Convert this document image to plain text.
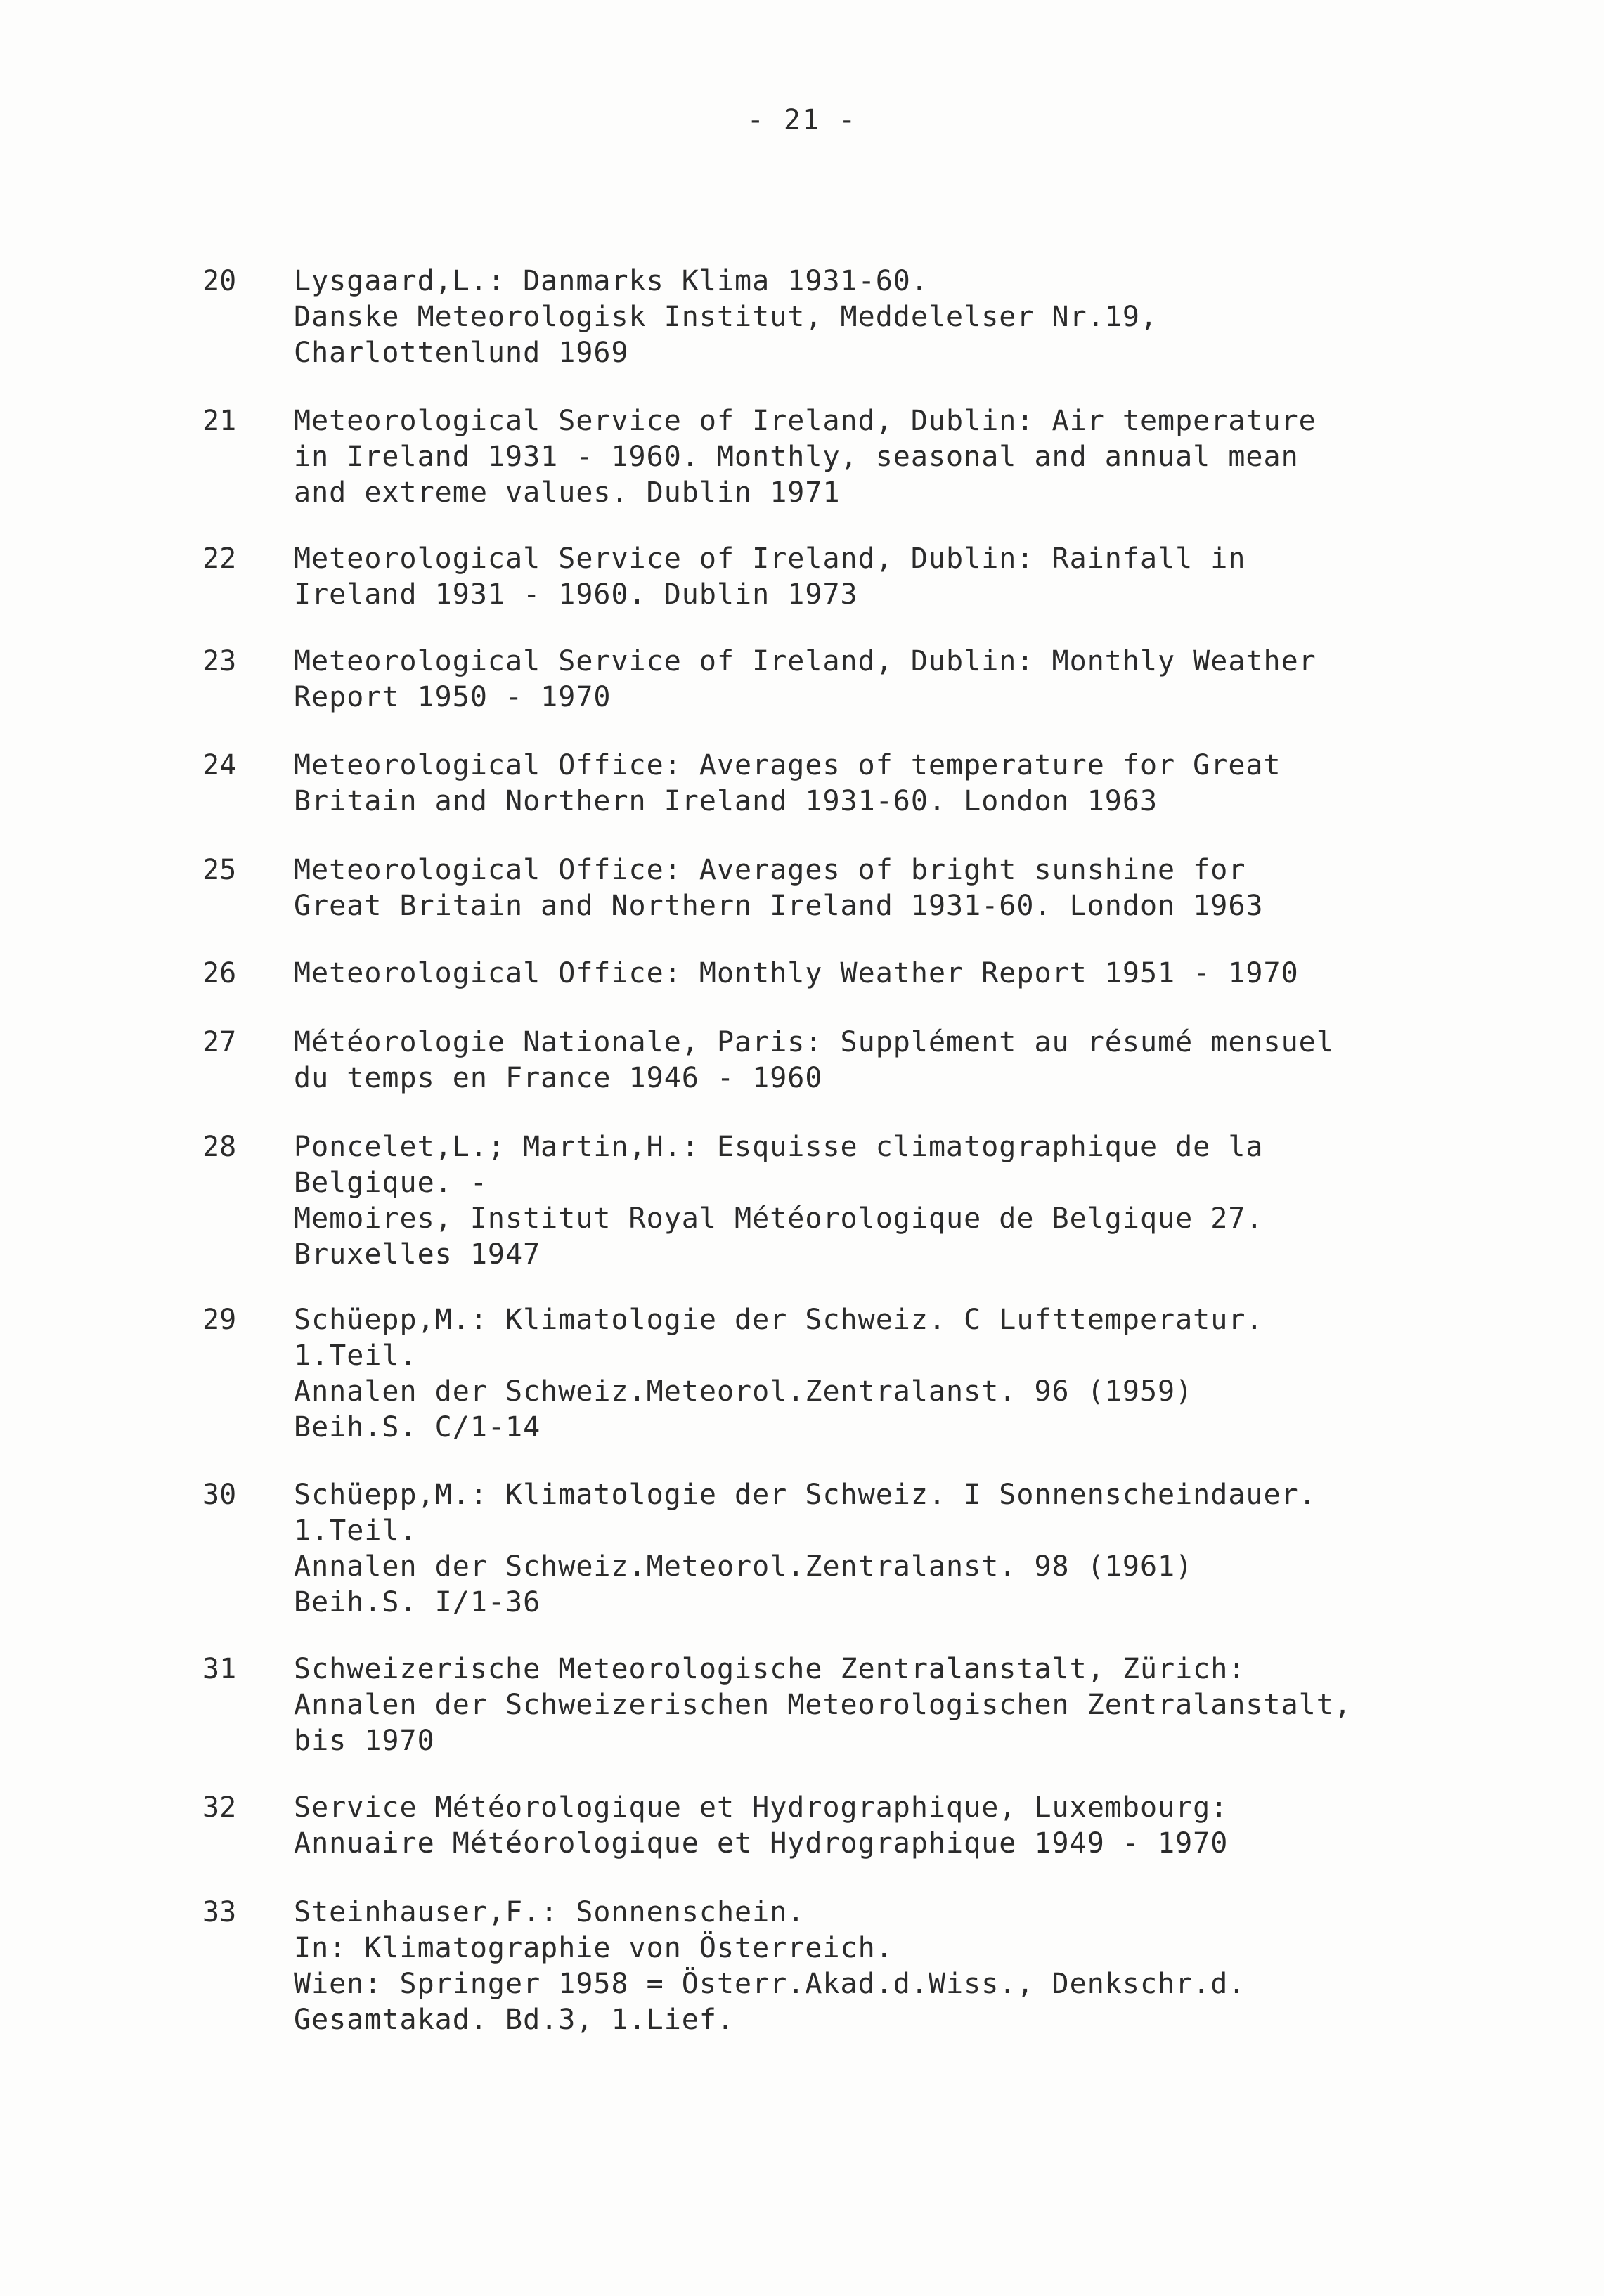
- 21 -
20 Lysgaard,L.: Danmarks Klima 1931-60.
Danske Meteorologisk Institut, Meddelelser Nr.19,
Charlottenlund 1969
21 Meteorological Service of Ireland, Dublin: Air temperature
in Ireland 1931 - 1960. Monthly, seasonal and annual mean
and extreme values. Dublin 1971
22 Meteorological Service of Ireland, Dublin: Rainfall in
Ireland 1931 - 1960. Dublin 1973
23 Meteorological Service of Ireland, Dublin: Monthly Weather
Report 1950 - 1970
24 Meteorological Office: Averages of temperature for Great
Britain and Northern Ireland 1931-60. London 1963
25 Meteorological Office: Averages of bright sunshine for
Great Britain and Northern Ireland 1931-60. London 1963
26 Meteorological Office: Monthly Weather Report 1951 - 1970
27 Météorologie Nationale, Paris: Supplément au résumé mensuel
du temps en France 1946 - 1960
28 Poncelet,L.; Martin,H.: Esquisse climatographique de la
Belgique. -
Memoires, Institut Royal Météorologique de Belgique 27.
Bruxelles 1947
29 Schüepp,M.: Klimatologie der Schweiz. C Lufttemperatur.
1.Teil.
Annalen der Schweiz.Meteorol.Zentralanst. 96 (1959)
Beih.S. C/1-14
30 Schüepp,M.: Klimatologie der Schweiz. I Sonnenscheindauer.
1.Teil.
Annalen der Schweiz.Meteorol.Zentralanst. 98 (1961)
Beih.S. I/1-36
31 Schweizerische Meteorologische Zentralanstalt, Zürich:
Annalen der Schweizerischen Meteorologischen Zentralanstalt,
bis 1970
32 Service Météorologique et Hydrographique, Luxembourg:
Annuaire Météorologique et Hydrographique 1949 - 1970
33 Steinhauser,F.: Sonnenschein.
In: Klimatographie von Österreich.
Wien: Springer 1958 = Österr.Akad.d.Wiss., Denkschr.d.
Gesamtakad. Bd.3, 1.Lief.
